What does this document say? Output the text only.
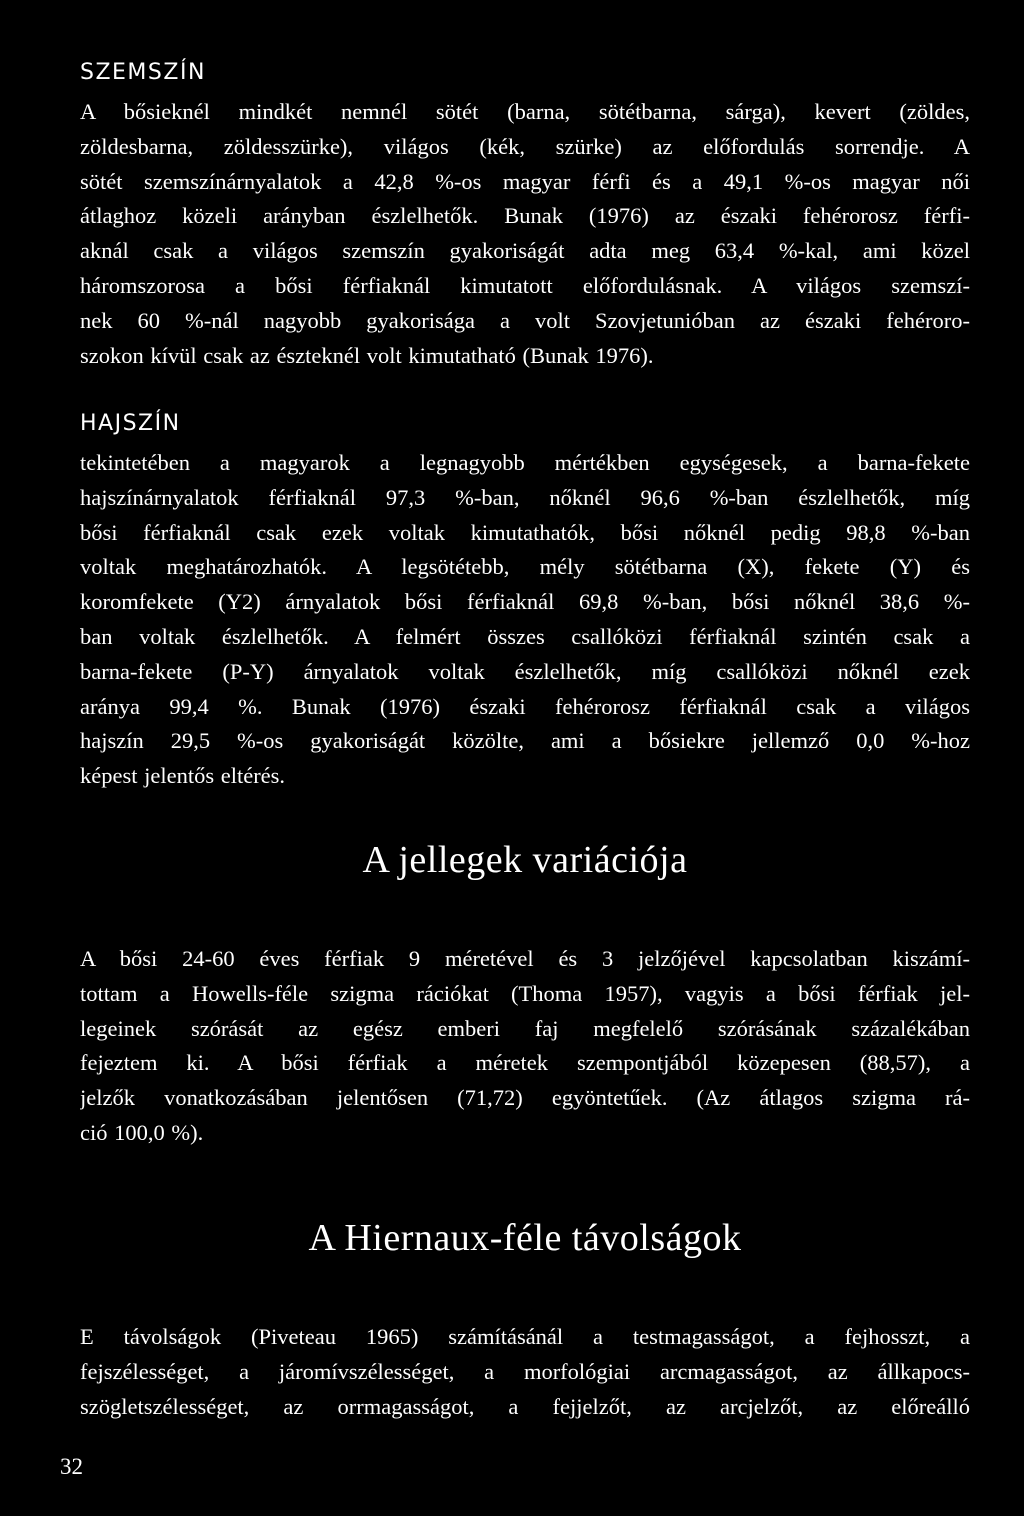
SZEMSZÍN

A bősieknél mindkét nemnél sötét (barna, sötétbarna, sárga), kevert (zöldes,
zöldesbarna, zöldesszürke), világos (kék, szürke) az előfordulás sorrendje. A
sötét szemszínárnyalatok a 42,8 %-os magyar férfi és a 49,1 %-os magyar női
átlaghoz közeli arányban észlelhetők. Bunak (1976) az északi fehérorosz férfi-
aknál csak a világos szemszín gyakoriságát adta meg 63,4 %-kal, ami közel
háromszorosa a bősi férfiaknál kimutatott előfordulásnak. A világos szemszí-
nek 60 %-nál nagyobb gyakorisága a volt Szovjetunióban az északi fehéroro-
szokon kívül csak az észteknél volt kimutatható (Bunak 1976).

HAJSZÍN

tekintetében a magyarok a legnagyobb mértékben egységesek, a barna-fekete
hajszínárnyalatok férfiaknál 97,3 %-ban, nőknél 96,6 %-ban észlelhetők, míg
bősi férfiaknál csak ezek voltak kimutathatók, bősi nőknél pedig 98,8 %-ban
voltak meghatározhatók. A legsötétebb, mély sötétbarna (X), fekete (Y) és
koromfekete (Y2) árnyalatok bősi férfiaknál 69,8 %-ban, bősi nőknél 38,6 %-
ban voltak észlelhetők. A felmért összes csallóközi férfiaknál szintén csak a
barna-fekete (P-Y) árnyalatok voltak észlelhetők, míg csallóközi nőknél ezek
aránya 99,4 %. Bunak (1976) északi fehérorosz férfiaknál csak a világos
hajszín 29,5 %-os gyakoriságát közölte, ami a bősiekre jellemző 0,0 %-hoz
képest jelentős eltérés.

A jellegek variációja

A bősi 24-60 éves férfiak 9 méretével és 3 jelzőjével kapcsolatban kiszámí-
tottam a Howells-féle szigma rációkat (Thoma 1957), vagyis a bősi férfiak jel-
legeinek szórását az egész emberi faj megfelelő szórásának százalékában
fejeztem ki. A bősi férfiak a méretek szempontjából közepesen (88,57), a
jelzők vonatkozásában jelentősen (71,72) egyöntetűek. (Az átlagos szigma rá-
ció 100,0 %).

A Hiernaux-féle távolságok

E távolságok (Piveteau 1965) számításánál a testmagasságot, a fejhosszt, a
fejszélességet, a járomívszélességet, a morfológiai arcmagasságot, az állkapocs-
szögletszélességet, az orrmagasságot, a fejjelzőt, az arcjelzőt, az előreálló

32
